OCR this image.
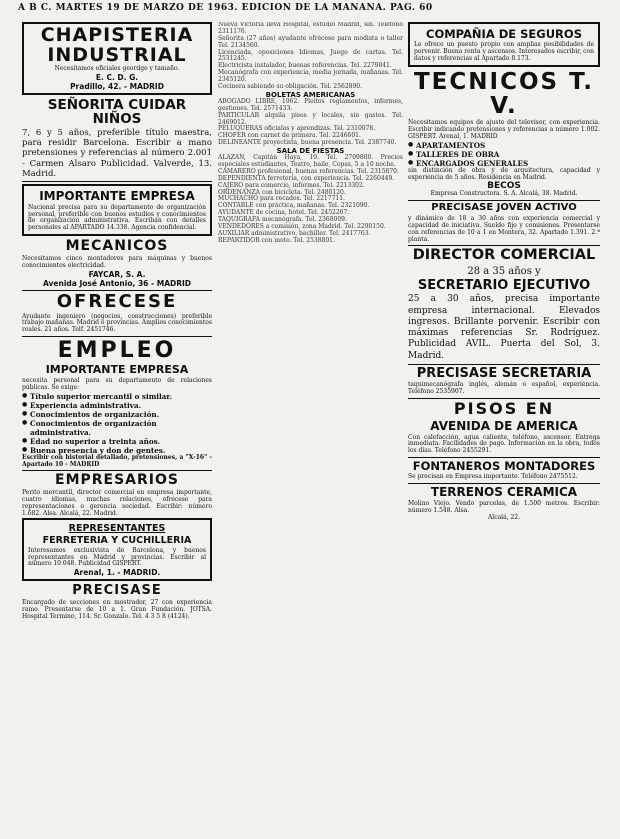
A B C. MARTES 19 DE MARZO DE 1963. EDICION DE LA MAÑANA. PAG. 60
CHAPISTERIA
INDUSTRIAL
Necesitamos oficiales geordge y tamaño.
E. C. D. G.
Pradillo, 42. - MADRID
SEÑORITA CUIDAR NIÑOS
7, 6 y 5 años, preferible título maestra, para residir Barcelona. Escribir a mano pretensiones y referencias al número 2.001 - Carmen Alsaro Publicidad. Valverde, 13. Madrid.
IMPORTANTE EMPRESA
Nacional precisa para su departamento de organización personal, preferible con buenos estudios y conocimientos de organización administrativa. Escriban con detalles personales al APARTADO 14.338. Agencia confidencial.
MECANICOS
Necesitamos cinco montadores para máquinas y buenos conocimientos electricidad.
FAYCAR, S. A.
Avenida José Antonio, 36 - MADRID
OFRECESE
Ayudante ingeniero (negocios, construcciones) preferible trabajo mañanas. Madrid o provincias. Amplios conocimientos reales. 21 años. Telf. 2451746.
EMPLEO
IMPORTANTE EMPRESA
necesita personal para su departamento de relaciones públicas. Se exige:
● Título superior mercantil o similar.
● Experiencia administrativa.
● Conocimientos de organización.
● Conocimientos de organización administrativa.
● Edad no superior a treinta años.
● Buena presencia y don de gentes.
Escribir con historial detallado, pretensiones, a "X-16" - Apartado 10 - MADRID
EMPRESARIOS
Perito mercantil, director comercial en empresa importante, cuatro idiomas, muchas relaciones, ofrécese para representaciones o gerencia sociedad. Escribir: número 1.682. Alsa. Alcalá, 22. Madrid.
REPRESENTANTES
FERRETERIA Y CUCHILLERIA
Interesamos exclusivista de Barcelona, y buenos representantes en Madrid y provincias. Escribir al número 10.048. Publicidad GISPERT.
Arenal, 1. - MADRID.
PRECISASE
Encargado de secciones en mostrador, 27 con experiencia ramo. Presentarse de 10 a 1. Gran Fundación. JOTSA. Hospital Termino, 114. Sr. Gonzalo. Tel. 4 3 5 8 (4124).
Nueva Victoria lleva Hospital, estudio Madrid, sin. Teléfono 2311176.
Señorita (27 años) ayudante ofrécese para modista o taller Tel. 2134560.
Licenciada, oposiciones Idiomas, Juego de cartas. Tel. 2531245.
Electricista instalador, buenas referencias. Tel. 2279841.
Mecanógrafa con experiencia, media jornada, mañanas. Tel. 2345120.
Cocinera sabiendo su obligación. Tel. 2562890.
BOLETAS AMERICANAS
ABOGADO LIBRE, 1962. Pleitos reglamentos, informes, gestiones. Tel. 2571433.
PARTICULAR alquila pisos y locales, sin gastos. Tel. 2469012.
PELUQUERAS oficialas y aprendizas. Tel. 2310078.
CHOFER con carnet de primera. Tel. 2246601.
DELINEANTE proyectista, buena presencia. Tel. 2387740.
SALA DE FIESTAS
ALAZAN, Capitán Haya, 10. Tel. 2709800. Precios especiales estudiantes, Teatro, baile, Copas, 5 a 10 noche.
CAMARERO profesional, buenas referencias. Tel. 2315870.
DEPENDIENTA ferretería, con experiencia. Tel. 2260449.
CAJERO para comercio, informes. Tel. 2213302.
ORDENANZA con bicicleta. Tel. 2480120.
MUCHACHO para recados. Tel. 2217711.
CONTABLE con práctica, mañanas. Tel. 2321090.
AYUDANTE de cocina, hotel. Tel. 2452267.
TAQUIGRAFA mecanógrafa. Tel. 2368009.
VENDEDORES a comisión, zona Madrid. Tel. 2290150.
AUXILIAR administrativo, bachiller. Tel. 2417763.
REPARTIDOR con moto. Tel. 2538801.
COMPAÑIA DE SEGUROS
Le ofrece un puesto propio con amplias posibilidades de porvenir. Buena renta y ascensos. Interesados escribir, con datos y referencias al Apartado 8.173.
TECNICOS T. V.
Necesitamos equipos de ajuste del televisor, con experiencia. Escribir indicando pretensiones y referencias a número 1.002. GISPERT. Arenal, 1. MADRID
● APARTAMENTOS
● TALLERES DE OBRA
● ENCARGADOS GENERALES
sin distinción de obra y de arquitectura, capacidad y experiencia de 5 años. Residencia en Madrid.
BECOS
Empresa Constructora. S. A. Alcalá, 38. Madrid.
PRECISASE JOVEN ACTIVO
y dinámico de 18 a 30 años con experiencia comercial y capacidad de iniciativa. Sueldo fijo y comisiones. Presentarse con referencias de 10 a 1 en Montera, 32. Apartado 1.391. 2.ª planta.
DIRECTOR COMERCIAL
28 a 35 años y
SECRETARIO EJECUTIVO
25 a 30 años, precisa importante empresa internacional. Elevados ingresos. Brillante porvenir. Escribir con máximas referencias Sr. Rodríguez. Publicidad AVIL. Puerta del Sol, 3. Madrid.
PRECISASE SECRETARIA
taquimecanógrafa inglés, alemán o español, experiencia. Teléfono 2535907.
PISOS EN
AVENIDA DE AMERICA
Con calefacción, agua caliente, teléfono, ascensor. Entrega inmediata. Facilidades de pago. Información en la obra, todos los días. Teléfono 2455291.
FONTANEROS MONTADORES
Se precisan en Empresa importante. Teléfono 2475512.
TERRENOS CERAMICA
Molino Viejo. Vendo parcelas, de 1.500 metros. Escribir: número 1.548. Alsa.
Alcalá, 22.
